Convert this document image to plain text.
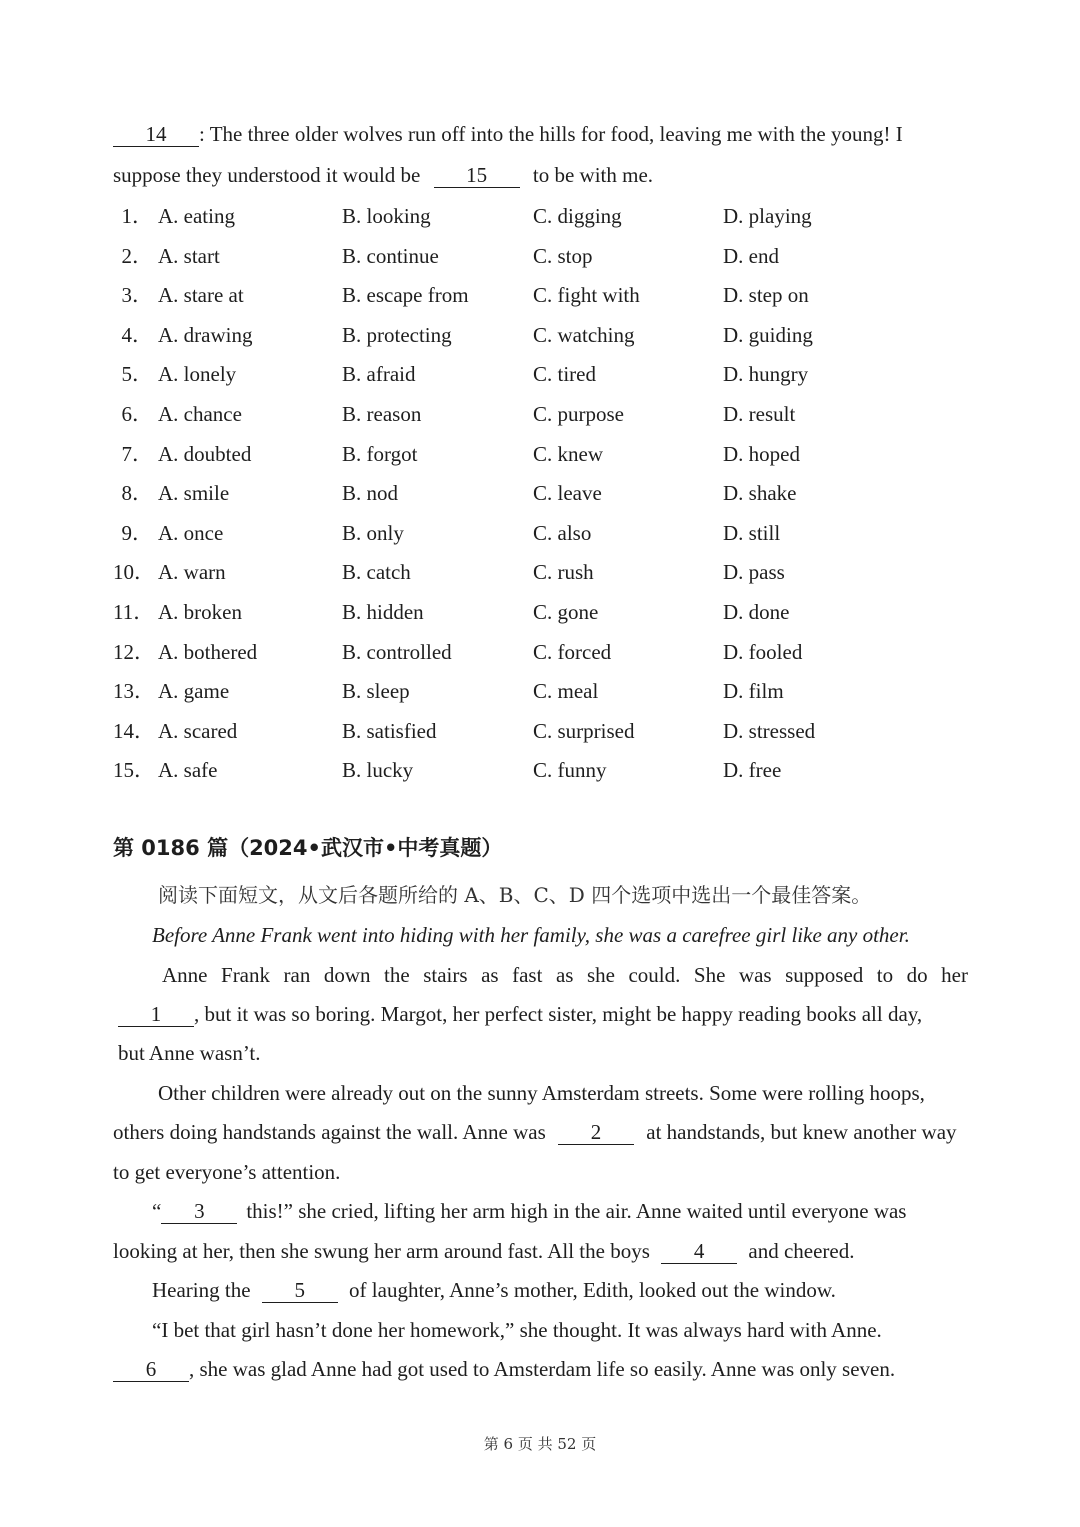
14 : The three older wolves run off into the hills for food, leaving me with the young! I
suppose they understood it would be 15 to be with me.
1． A. eating	B. looking	C. digging	D. playing
2． A. start	B. continue	C. stop	D. end
3． A. stare at	B. escape from	C. fight with	D. step on
4． A. drawing	B. protecting	C. watching	D. guiding
5． A. lonely	B. afraid	C. tired	D. hungry
6． A. chance	B. reason	C. purpose	D. result
7． A. doubted	B. forgot	C. knew	D. hoped
8． A. smile	B. nod	C. leave	D. shake
9． A. once	B. only	C. also	D. still
10． A. warn	B. catch	C. rush	D. pass
11． A. broken	B. hidden	C. gone	D. done
12． A. bothered	B. controlled	C. forced	D. fooled
13． A. game	B. sleep	C. meal	D. film
14． A. scared	B. satisfied	C. surprised	D. stressed
15． A. safe	B. lucky	C. funny	D. free
第 0186 篇（2024•武汉市•中考真题）
阅读下面短文，从文后各题所给的 A、B、C、D 四个选项中选出一个最佳答案。
Before Anne Frank went into hiding with her family, she was a carefree girl like any other.
Anne Frank ran down the stairs as fast as she could. She was supposed to do her
1 , but it was so boring. Margot, her perfect sister, might be happy reading books all day,
but Anne wasn’t.
Other children were already out on the sunny Amsterdam streets. Some were rolling hoops,
others doing handstands against the wall. Anne was 2 at handstands, but knew another way
to get everyone’s attention.
“ 3 this!” she cried, lifting her arm high in the air. Anne waited until everyone was
looking at her, then she swung her arm around fast. All the boys 4 and cheered.
Hearing the 5 of laughter, Anne’s mother, Edith, looked out the window.
“I bet that girl hasn’t done her homework,” she thought. It was always hard with Anne.
6 , she was glad Anne had got used to Amsterdam life so easily. Anne was only seven.
第 6 页 共 52 页
